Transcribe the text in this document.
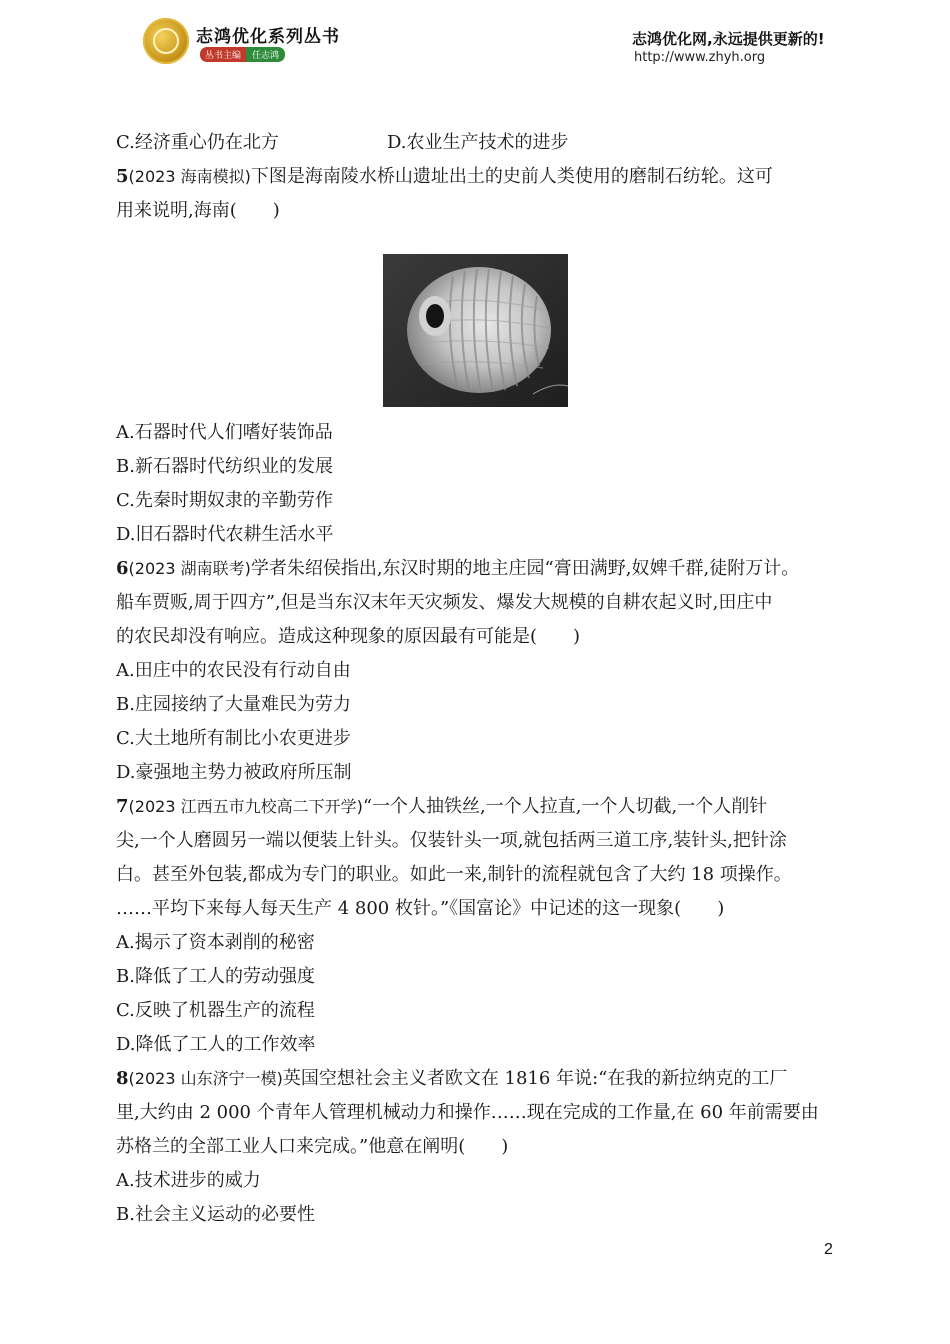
志鸿优化系列丛书
丛书主编	任志鸿
志鸿优化网,永远提供更新的!
http://www.zhyh.org
C.经济重心仍在北方	D.农业生产技术的进步
5(2023 海南模拟)下图是海南陵水桥山遗址出土的史前人类使用的磨制石纺轮。这可
用来说明,海南(　　)
A.石器时代人们嗜好装饰品
B.新石器时代纺织业的发展
C.先秦时期奴隶的辛勤劳作
D.旧石器时代农耕生活水平
6(2023 湖南联考)学者朱绍侯指出,东汉时期的地主庄园“膏田满野,奴婢千群,徒附万计。
船车贾贩,周于四方”,但是当东汉末年天灾频发、爆发大规模的自耕农起义时,田庄中
的农民却没有响应。造成这种现象的原因最有可能是(　　)
A.田庄中的农民没有行动自由
B.庄园接纳了大量难民为劳力
C.大土地所有制比小农更进步
D.豪强地主势力被政府所压制
7(2023 江西五市九校高二下开学)“一个人抽铁丝,一个人拉直,一个人切截,一个人削针
尖,一个人磨圆另一端以便装上针头。仅装针头一项,就包括两三道工序,装针头,把针涂
白。甚至外包装,都成为专门的职业。如此一来,制针的流程就包含了大约 18 项操作。
……平均下来每人每天生产 4 800 枚针。”《国富论》中记述的这一现象(　　)
A.揭示了资本剥削的秘密
B.降低了工人的劳动强度
C.反映了机器生产的流程
D.降低了工人的工作效率
8(2023 山东济宁一模)英国空想社会主义者欧文在 1816 年说:“在我的新拉纳克的工厂
里,大约由 2 000 个青年人管理机械动力和操作……现在完成的工作量,在 60 年前需要由
苏格兰的全部工业人口来完成。”他意在阐明(　　)
A.技术进步的威力
B.社会主义运动的必要性
2
